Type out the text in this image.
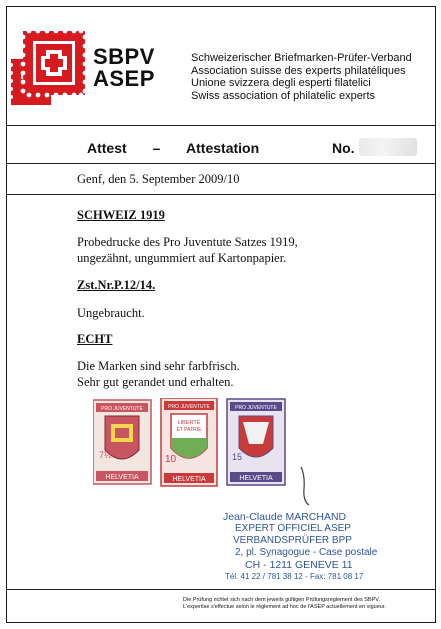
SBPV
ASEP
Schweizerischer Briefmarken-Prüfer-Verband
Association suisse des experts philatéliques
Unione svizzera degli esperti filatelici
Swiss association of philatelic experts
Attest – Attestation	No.
Genf, den 5. September 2009/10
SCHWEIZ 1919
Probedrucke des Pro Juventute Satzes 1919,
ungezähnt, ungummiert auf Kartonpapier.
Zst.Nr.P.12/14.
Ungebraucht.
ECHT
Die Marken sind sehr farbfrisch.
Sehr gut gerandet und erhalten.
PRO JUVENTUTE
7½
HELVETIA
PRO JUVENTUTE
LIBERTÉ
ET PATRIE
10
HELVETIA
PRO JUVENTUTE
15
HELVETIA
Jean-Claude MARCHAND
EXPERT OFFICIEL ASEP
VERBANDSPRÜFER BPP
2, pl. Synagogue - Case postale
CH - 1211 GENEVE 11
Tél. 41 22 / 781 38 12 - Fax: 781 08 17
Die Prüfung richtet sich nach dem jeweils gültigen Prüfungsreglement des SBPV.
L'expertise s'effectue selon le règlement ad hoc de l'ASEP actuellement en vigueur.
